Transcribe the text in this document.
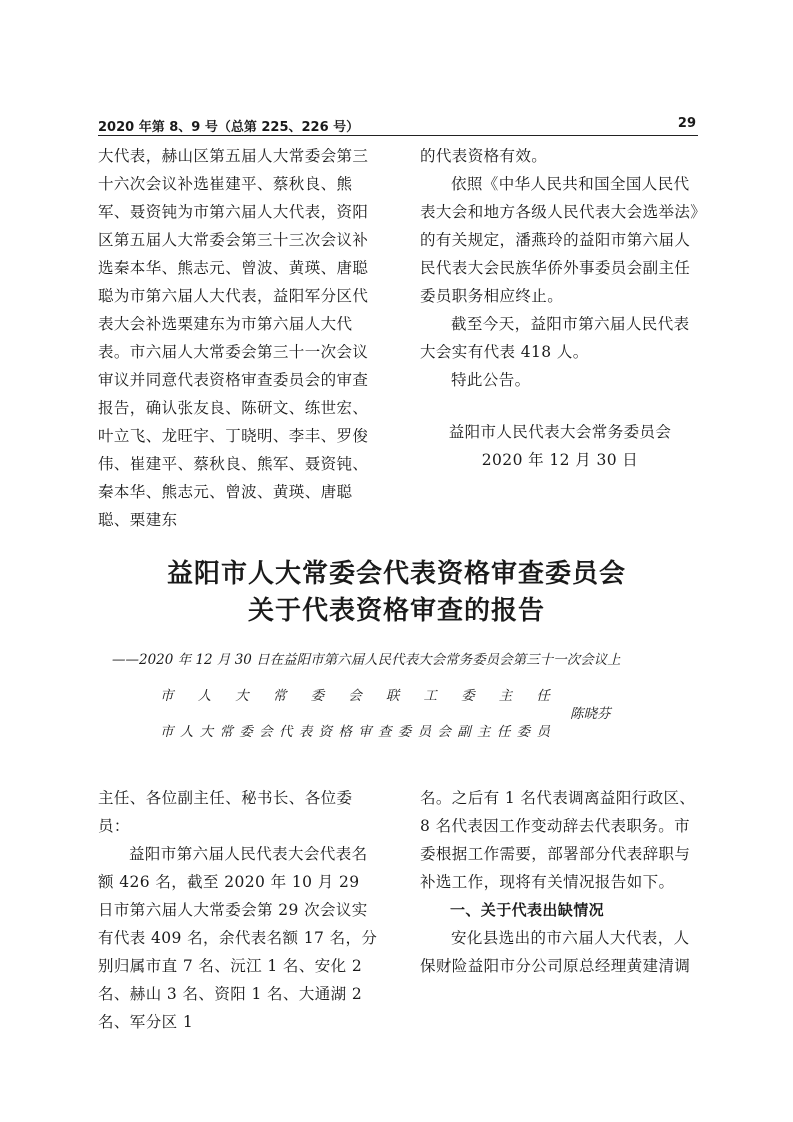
2020 年第 8、9 号（总第 225、226 号）	29

大代表，赫山区第五届人大常委会第三十六次会议补选崔建平、蔡秋良、熊军、聂资钝为市第六届人大代表，资阳区第五届人大常委会第三十三次会议补选秦本华、熊志元、曾波、黄瑛、唐聪聪为市第六届人大代表，益阳军分区代表大会补选栗建东为市第六届人大代表。市六届人大常委会第三十一次会议审议并同意代表资格审查委员会的审查报告，确认张友良、陈研文、练世宏、叶立飞、龙旺宇、丁晓明、李丰、罗俊伟、崔建平、蔡秋良、熊军、聂资钝、秦本华、熊志元、曾波、黄瑛、唐聪聪、栗建东

的代表资格有效。

依照《中华人民共和国全国人民代表大会和地方各级人民代表大会选举法》的有关规定，潘燕玲的益阳市第六届人民代表大会民族华侨外事委员会副主任委员职务相应终止。

截至今天，益阳市第六届人民代表大会实有代表 418 人。

特此公告。

益阳市人民代表大会常务委员会

2020 年 12 月 30 日

益阳市人大常委会代表资格审查委员会
关于代表资格审查的报告
——2020 年 12 月 30 日在益阳市第六届人民代表大会常务委员会第三十一次会议上
市 人 大 常 委 会 联 工 委 主 任
市 人 大 常 委 会 代 表 资 格 审 查 委 员 会 副 主 任 委 员
陈晓芬

主任、各位副主任、秘书长、各位委员：

益阳市第六届人民代表大会代表名额 426 名，截至 2020 年 10 月 29 日市第六届人大常委会第 29 次会议实有代表 409 名，余代表名额 17 名，分别归属市直 7 名、沅江 1 名、安化 2 名、赫山 3 名、资阳 1 名、大通湖 2 名、军分区 1

名。之后有 1 名代表调离益阳行政区、8 名代表因工作变动辞去代表职务。市委根据工作需要，部署部分代表辞职与补选工作，现将有关情况报告如下。

一、关于代表出缺情况

安化县选出的市六届人大代表，人保财险益阳市分公司原总经理黄建清调
